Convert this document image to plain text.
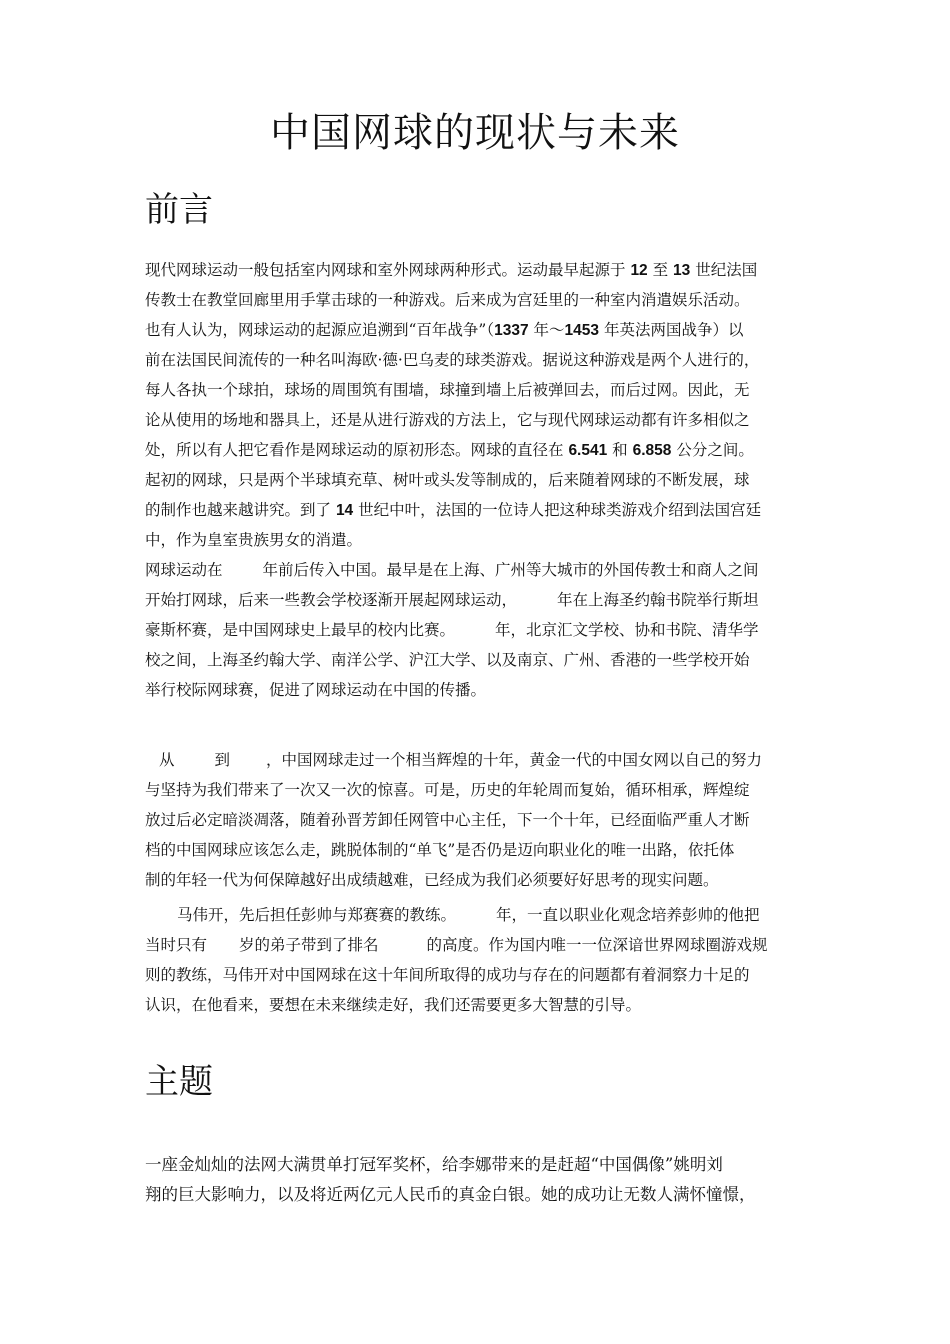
中国网球的现状与未来
前言
现代网球运动一般包括室内网球和室外网球两种形式。运动最早起源于 12 至 13 世纪法国
传教士在教堂回廊里用手掌击球的一种游戏。后来成为宫廷里的一种室内消遣娱乐活动。
也有人认为，网球运动的起源应追溯到“百年战争”（1337 年～1453 年英法两国战争）以
前在法国民间流传的一种名叫海欧·德·巴乌麦的球类游戏。据说这种游戏是两个人进行的，
每人各执一个球拍，球场的周围筑有围墙，球撞到墙上后被弹回去，而后过网。因此，无
论从使用的场地和器具上，还是从进行游戏的方法上，它与现代网球运动都有许多相似之
处，所以有人把它看作是网球运动的原初形态。网球的直径在 6.541 和 6.858 公分之间。
起初的网球，只是两个半球填充草、树叶或头发等制成的，后来随着网球的不断发展，球
的制作也越来越讲究。到了 14 世纪中叶，法国的一位诗人把这种球类游戏介绍到法国宫廷
中，作为皇室贵族男女的消遣。
网球运动在	年前后传入中国。最早是在上海、广州等大城市的外国传教士和商人之间
开始打网球，后来一些教会学校逐渐开展起网球运动，	年在上海圣约翰书院举行斯坦
豪斯杯赛，是中国网球史上最早的校内比赛。	年，北京汇文学校、协和书院、清华学
校之间，上海圣约翰大学、南洋公学、沪江大学、以及南京、广州、香港的一些学校开始
举行校际网球赛，促进了网球运动在中国的传播。
从	到 ，中国网球走过一个相当辉煌的十年，黄金一代的中国女网以自己的努力
与坚持为我们带来了一次又一次的惊喜。可是，历史的年轮周而复始，循环相承，辉煌绽
放过后必定暗淡凋落，随着孙晋芳卸任网管中心主任，下一个十年，已经面临严重人才断
档的中国网球应该怎么走，跳脱体制的“单飞”是否仍是迈向职业化的唯一出路，依托体
制的年轻一代为何保障越好出成绩越难，已经成为我们必须要好好思考的现实问题。
马伟开，先后担任彭帅与郑赛赛的教练。	年，一直以职业化观念培养彭帅的他把
当时只有 岁的弟子带到了排名	的高度。作为国内唯一一位深谙世界网球圈游戏规
则的教练，马伟开对中国网球在这十年间所取得的成功与存在的问题都有着洞察力十足的
认识，在他看来，要想在未来继续走好，我们还需要更多大智慧的引导。
主题
一座金灿灿的法网大满贯单打冠军奖杯，给李娜带来的是赶超“中国偶像”姚明刘
翔的巨大影响力，以及将近两亿元人民币的真金白银。她的成功让无数人满怀憧憬，
